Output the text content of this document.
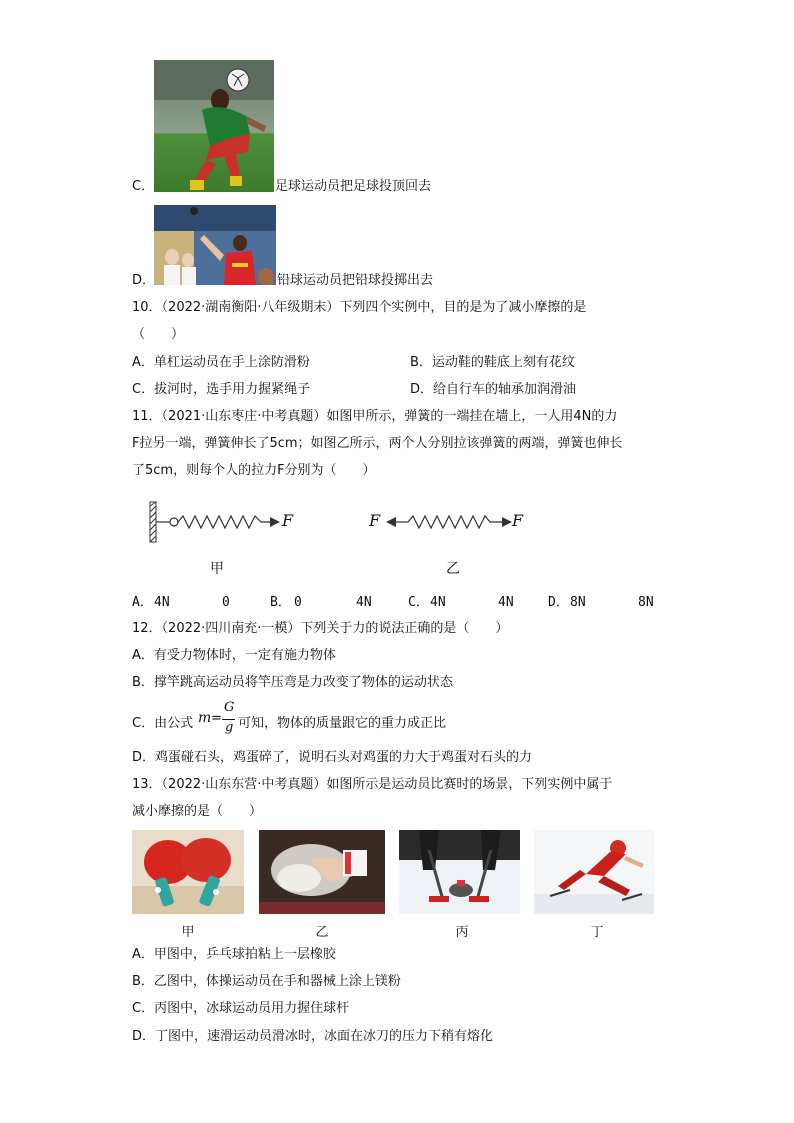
C．	足球运动员把足球投顶回去
D．	铅球运动员把铅球投掷出去
10．（2022·湖南衡阳·八年级期末）下列四个实例中，目的是为了减小摩擦的是
（　　）
A．单杠运动员在手上涂防滑粉	B．运动鞋的鞋底上刻有花纹
C．拔河时，选手用力握紧绳子	D．给自行车的轴承加润滑油
11．（2021·山东枣庄·中考真题）如图甲所示，弹簧的一端挂在墙上，一人用4N的力
F拉另一端，弹簧伸长了5cm；如图乙所示，两个人分别拉该弹簧的两端，弹簧也伸长
了5cm，则每个人的拉力F分别为（　　）
F	F	F
甲	乙
A． 4N	0	B． 0	4N	C． 4N	4N	D． 8N	8N
12．（2022·四川南充·一模）下列关于力的说法正确的是（　　）
A．有受力物体时，一定有施力物体
B．撑竿跳高运动员将竿压弯是力改变了物体的运动状态
C．由公式 m =
G
g 可知，物体的质量跟它的重力成正比
D．鸡蛋碰石头，鸡蛋碎了，说明石头对鸡蛋的力大于鸡蛋对石头的力
13．（2022·山东东营·中考真题）如图所示是运动员比赛时的场景，下列实例中属于
减小摩擦的是（　　）
甲	乙	丙	丁
A．甲图中，乒乓球拍粘上一层橡胶
B．乙图中，体操运动员在手和器械上涂上镁粉
C．丙图中，冰球运动员用力握住球杆
D．丁图中，速滑运动员滑冰时，冰面在冰刀的压力下稍有熔化
